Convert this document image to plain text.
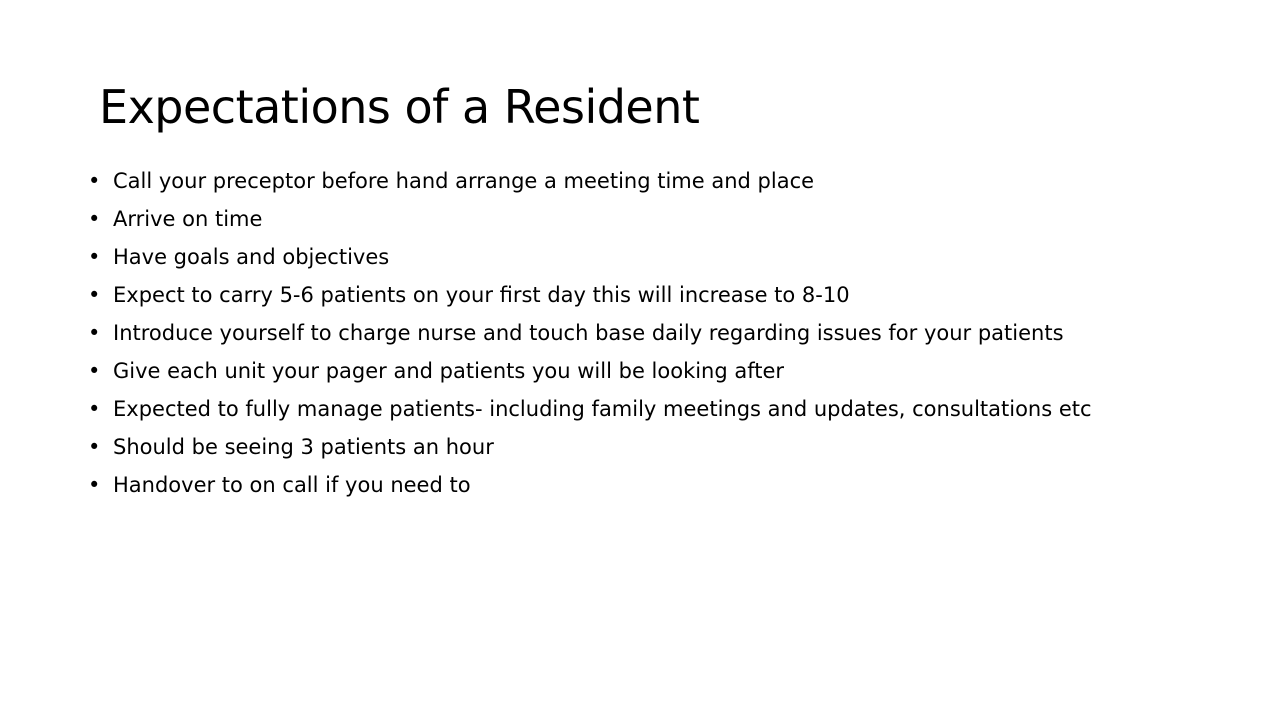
Expectations of a Resident
• Call your preceptor before hand arrange a meeting time and place
• Arrive on time
• Have goals and objectives
• Expect to carry 5-6 patients on your first day this will increase to 8-10
• Introduce yourself to charge nurse and touch base daily regarding issues for your patients
• Give each unit your pager and patients you will be looking after
• Expected to fully manage patients- including family meetings and updates, consultations etc
• Should be seeing 3 patients an hour
• Handover to on call if you need to
